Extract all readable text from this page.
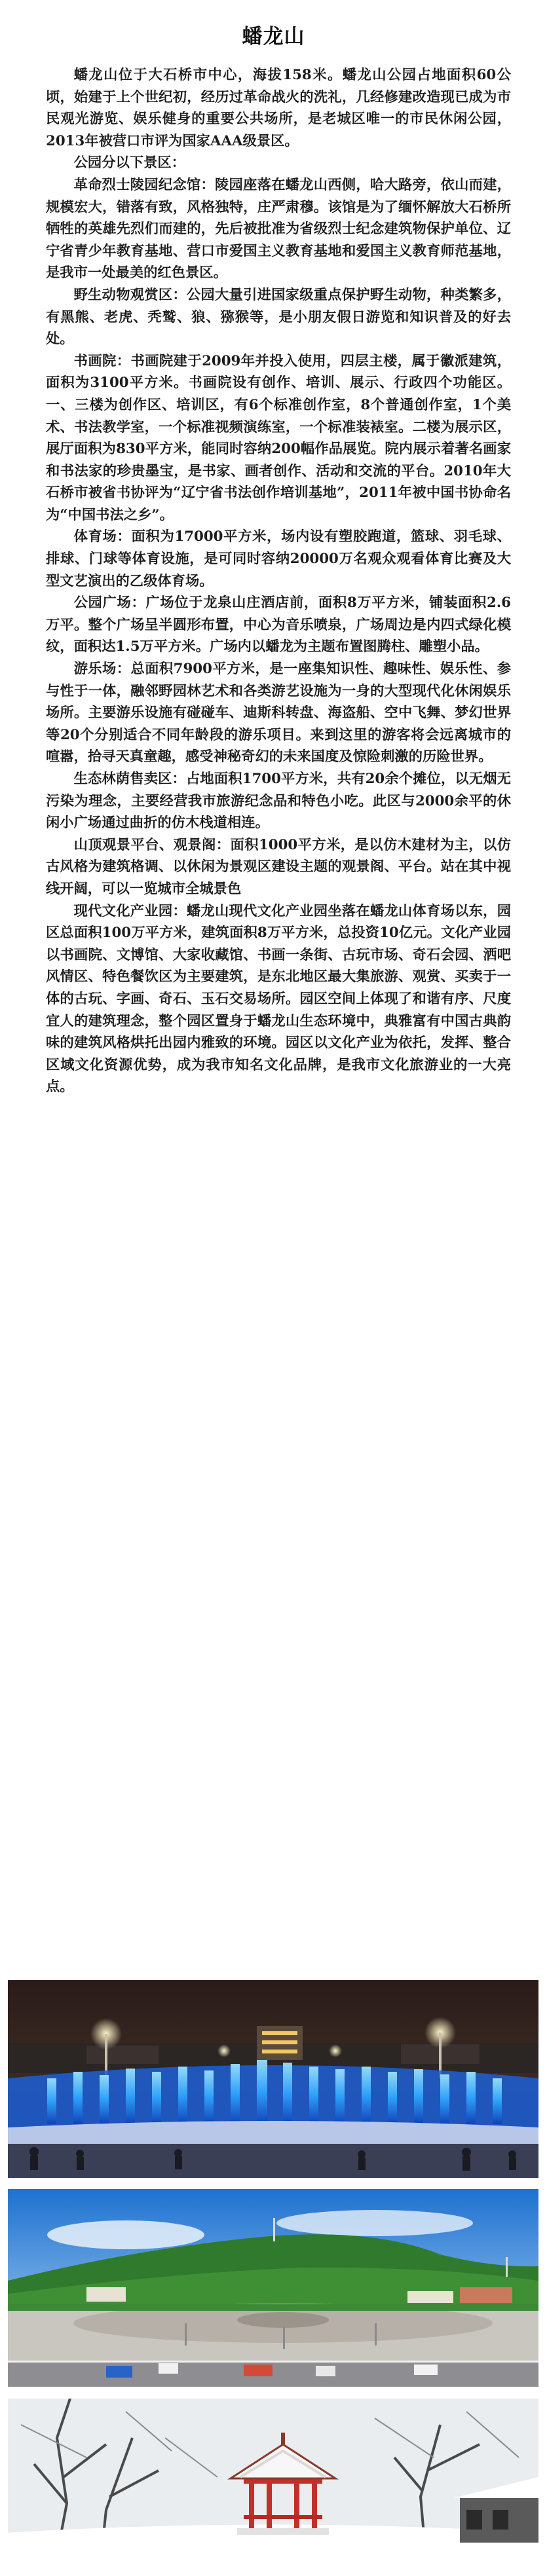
蟠龙山

蟠龙山位于大石桥市中心，海拔158米。蟠龙山公园占地面积60公顷，始建于上个世纪初，经历过革命战火的洗礼，几经修建改造现已成为市民观光游览、娱乐健身的重要公共场所，是老城区唯一的市民休闲公园，2013年被营口市评为国家AAA级景区。

公园分以下景区：

革命烈士陵园纪念馆：陵园座落在蟠龙山西侧，哈大路旁，依山而建，规模宏大，错落有致，风格独特，庄严肃穆。该馆是为了缅怀解放大石桥所牺牲的英雄先烈们而建的，先后被批准为省级烈士纪念建筑物保护单位、辽宁省青少年教育基地、营口市爱国主义教育基地和爱国主义教育师范基地，是我市一处最美的红色景区。

野生动物观赏区：公园大量引进国家级重点保护野生动物，种类繁多，有黑熊、老虎、秃鹫、狼、猕猴等，是小朋友假日游览和知识普及的好去处。

书画院：书画院建于2009年并投入使用，四层主楼，属于徽派建筑，面积为3100平方米。书画院设有创作、培训、展示、行政四个功能区。一、三楼为创作区、培训区，有6个标准创作室，8个普通创作室，1个美术、书法教学室，一个标准视频演练室，一个标准装裱室。二楼为展示区，展厅面积为830平方米，能同时容纳200幅作品展览。院内展示着著名画家和书法家的珍贵墨宝，是书家、画者创作、活动和交流的平台。2010年大石桥市被省书协评为“辽宁省书法创作培训基地”，2011年被中国书协命名为“中国书法之乡”。

体育场：面积为17000平方米，场内设有塑胶跑道，篮球、羽毛球、排球、门球等体育设施，是可同时容纳20000万名观众观看体育比赛及大型文艺演出的乙级体育场。

公园广场：广场位于龙泉山庄酒店前，面积8万平方米，铺装面积2.6万平。整个广场呈半圆形布置，中心为音乐喷泉，广场周边是内四式绿化模纹，面积达1.5万平方米。广场内以蟠龙为主题布置图腾柱、雕塑小品。

游乐场：总面积7900平方米，是一座集知识性、趣味性、娱乐性、参与性于一体，融邻野园林艺术和各类游艺设施为一身的大型现代化休闲娱乐场所。主要游乐设施有碰碰车、迪斯科转盘、海盗船、空中飞舞、梦幻世界等20个分别适合不同年龄段的游乐项目。来到这里的游客将会远离城市的喧嚣，拾寻天真童趣，感受神秘奇幻的未来国度及惊险刺激的历险世界。

生态林荫售卖区：占地面积1700平方米，共有20余个摊位，以无烟无污染为理念，主要经营我市旅游纪念品和特色小吃。此区与2000余平的休闲小广场通过曲折的仿木栈道相连。

山顶观景平台、观景阁：面积1000平方米，是以仿木建材为主，以仿古风格为建筑格调、以休闲为景观区建设主题的观景阁、平台。站在其中视线开阔，可以一览城市全城景色

现代文化产业园：蟠龙山现代文化产业园坐落在蟠龙山体育场以东，园区总面积100万平方米，建筑面积8万平方米，总投资10亿元。文化产业园以书画院、文博馆、大家收藏馆、书画一条街、古玩市场、奇石会园、洒吧风情区、特色餐饮区为主要建筑，是东北地区最大集旅游、观赏、买卖于一体的古玩、字画、奇石、玉石交易场所。园区空间上体现了和谐有序、尺度宜人的建筑理念，整个园区置身于蟠龙山生态环境中，典雅富有中国古典韵味的建筑风格烘托出园内雅致的环境。园区以文化产业为依托，发挥、整合区域文化资源优势，成为我市知名文化品牌，是我市文化旅游业的一大亮点。
